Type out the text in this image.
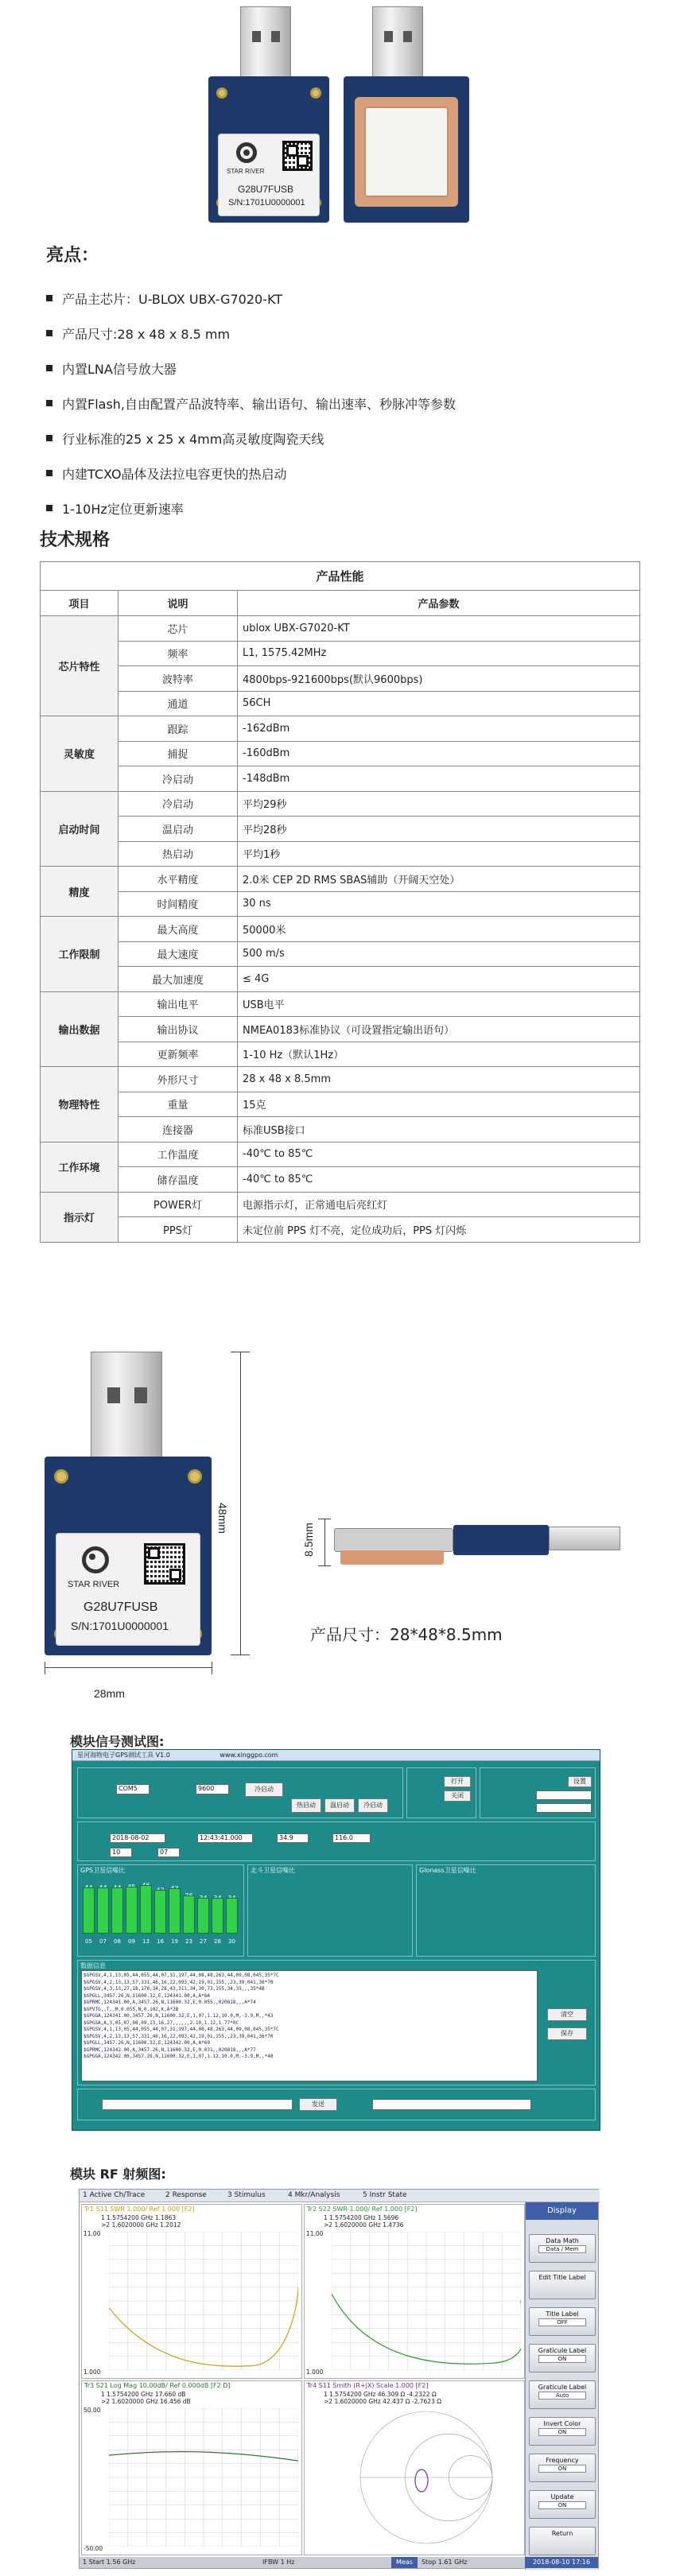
STAR RIVER
G28U7FUSB
S/N:1701U0000001
亮点：
产品主芯片：U-BLOX UBX-G7020-KT
产品尺寸:28 x 48 x 8.5 mm
内置LNA信号放大器
内置Flash,自由配置产品波特率、输出语句、输出速率、秒脉冲等参数
行业标准的25 x 25 x 4mm高灵敏度陶瓷天线
内建TCXO晶体及法拉电容更快的热启动
1-10Hz定位更新速率
技术规格
产品性能		
项目	说明	产品参数
芯片特性	芯片	ublox UBX-G7020-KT
	频率	L1, 1575.42MHz
	波特率	4800bps-921600bps(默认9600bps)
	通道	56CH
灵敏度	跟踪	-162dBm
	捕捉	-160dBm
	冷启动	-148dBm
启动时间	冷启动	平均29秒
	温启动	平均28秒
	热启动	平均1秒
精度	水平精度	2.0米 CEP 2D RMS SBAS辅助（开阔天空处）
	时间精度	30 ns
工作限制	最大高度	50000米
	最大速度	500 m/s
	最大加速度	≤ 4G
输出数据	输出电平	USB电平
	输出协议	NMEA0183标准协议（可设置指定输出语句）
	更新频率	1-10 Hz（默认1Hz）
物理特性	外形尺寸	28 x 48 x 8.5mm
	重量	15克
	连接器	标准USB接口
工作环境	工作温度	-40℃ to 85℃
	储存温度	-40℃ to 85℃
指示灯	POWER灯	电源指示灯，正常通电后亮红灯
	PPS灯	未定位前 PPS 灯不亮，定位成功后，PPS 灯闪烁
STAR RIVER
G28U7FUSB
S/N:1701U0000001
48mm
8.5mm
产品尺寸：28*48*8.5mm
28mm
模块信号测试图:
星河海物电子GPS测试工具 V1.0	www.xinggpo.com
COM5	9600	冷启动
热启动	温启动	冷启动
打开
关闭
设置
2018-08-02	12:43:41.000	34.9	116.0
10	07
GPS卫星信噪比
05	07	08	09	13	16	19	23	27	28	30
北斗卫星信噪比	Glonass卫星信噪比
数据信息
$GPGSV,4,1,13,05,44,055,44,07,31,197,44,08,48,263,44,09,08,045,35*7C
$GPGSV,4,2,13,13,57,331,46,16,22,093,42,19,01,155,,23,39,041,36*70
$GPGSV,4,3,13,27,18,178,34,28,43,311,34,30,73,155,34,33,,,35*4B
$GPGLL,3457.26,N,11600.32,E,124341.00,A,A*6A
$GPRMC,124341.00,A,3457.26,N,11600.32,E,0.055,,020818,,,A*74
$GPVTG,,T,,M,0.055,N,0.102,K,A*2B
$GPGGA,124341.00,3457.26,N,11600.32,E,1,07,1.12,10.0,M,-3.9,M,,*43
$GPGSA,A,3,05,07,08,09,13,16,27,,,,,,2.10,1.12,1.77*0C
$GPGSV,4,1,13,05,44,055,44,07,31,197,44,08,48,263,44,09,08,045,35*7C
$GPGSV,4,2,13,13,57,331,46,16,22,093,42,19,01,155,,23,39,041,36*70
$GPGLL,3457.26,N,11600.32,E,124342.00,A,A*69
$GPRMC,124342.00,A,3457.26,N,11600.32,E,0.031,,020818,,,A*77
$GPGGA,124342.00,3457.26,N,11600.32,E,1,07,1.12,10.0,M,-3.9,M,,*40
清空
保存
发送
模块 RF 射频图:
1 Active Ch/Trace	2 Response	3 Stimulus	4 Mkr/Analysis	5 Instr State
Display
Data Math
Data / Mem
Edit Title Label
Title Label
OFF
Graticule Label
ON
Graticule Label
Auto
Invert Color
ON
Frequency
ON
Update
ON
Return
Tr1 S11 SWR 1.000/ Ref 1.000 [F2]
1 1.5754200 GHz 1.1863
>2 1.6020000 GHz 1.2012
11.00
1.000
Tr2 S22 SWR 1.000/ Ref 1.000 [F2]
1 1.5754200 GHz 1.5696
>2 1.6020000 GHz 1.4736
11.00
1.000
Tr3 S21 Log Mag 10.00dB/ Ref 0.000dB [F2 D]
1 1.5754200 GHz 17.660 dB
>2 1.6020000 GHz 16.456 dB
50.00
-50.00
Tr4 S11 Smith (R+jX) Scale 1.000 [F2]
1 1.5754200 GHz 46.309 Ω -4.2322 Ω
>2 1.6020000 GHz 42.437 Ω -2.7623 Ω
1 Start 1.56 GHz	IFBW 1 Hz	Stop 1.61 GHz
Meas	2018-08-10 17:16
